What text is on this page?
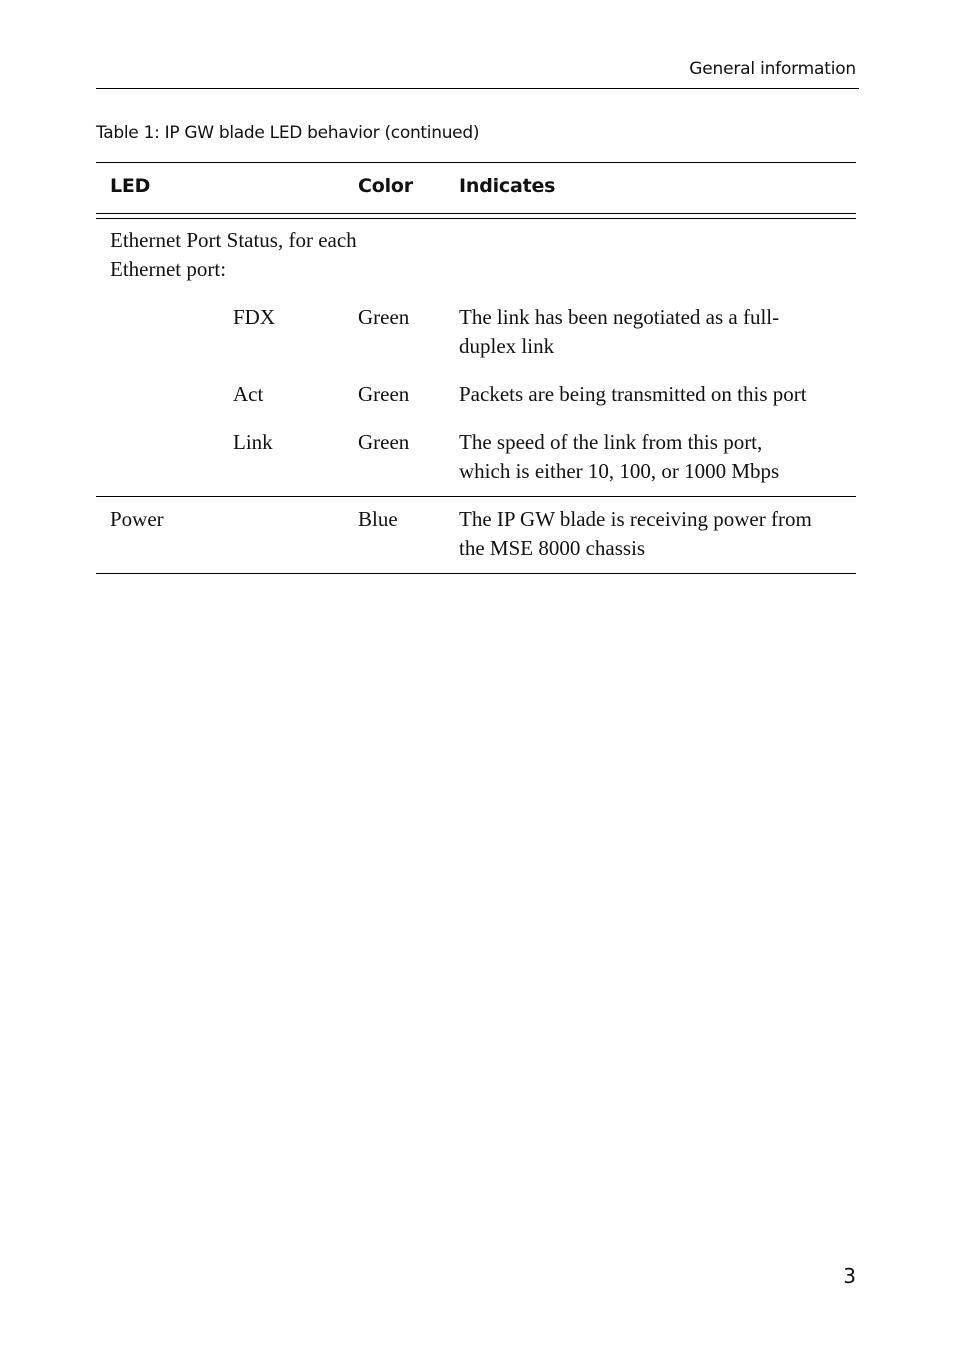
General information
Table 1: IP GW blade LED behavior (continued)
LED	Color Indicates
Ethernet Port Status, for each
Ethernet port:
FDX	Green The link has been negotiated as a full-
duplex link
Act	Green Packets are being transmitted on this port
Link	Green The speed of the link from this port,
which is either 10, 100, or 1000 Mbps
Power	Blue	The IP GW blade is receiving power from
the MSE 8000 chassis
3
